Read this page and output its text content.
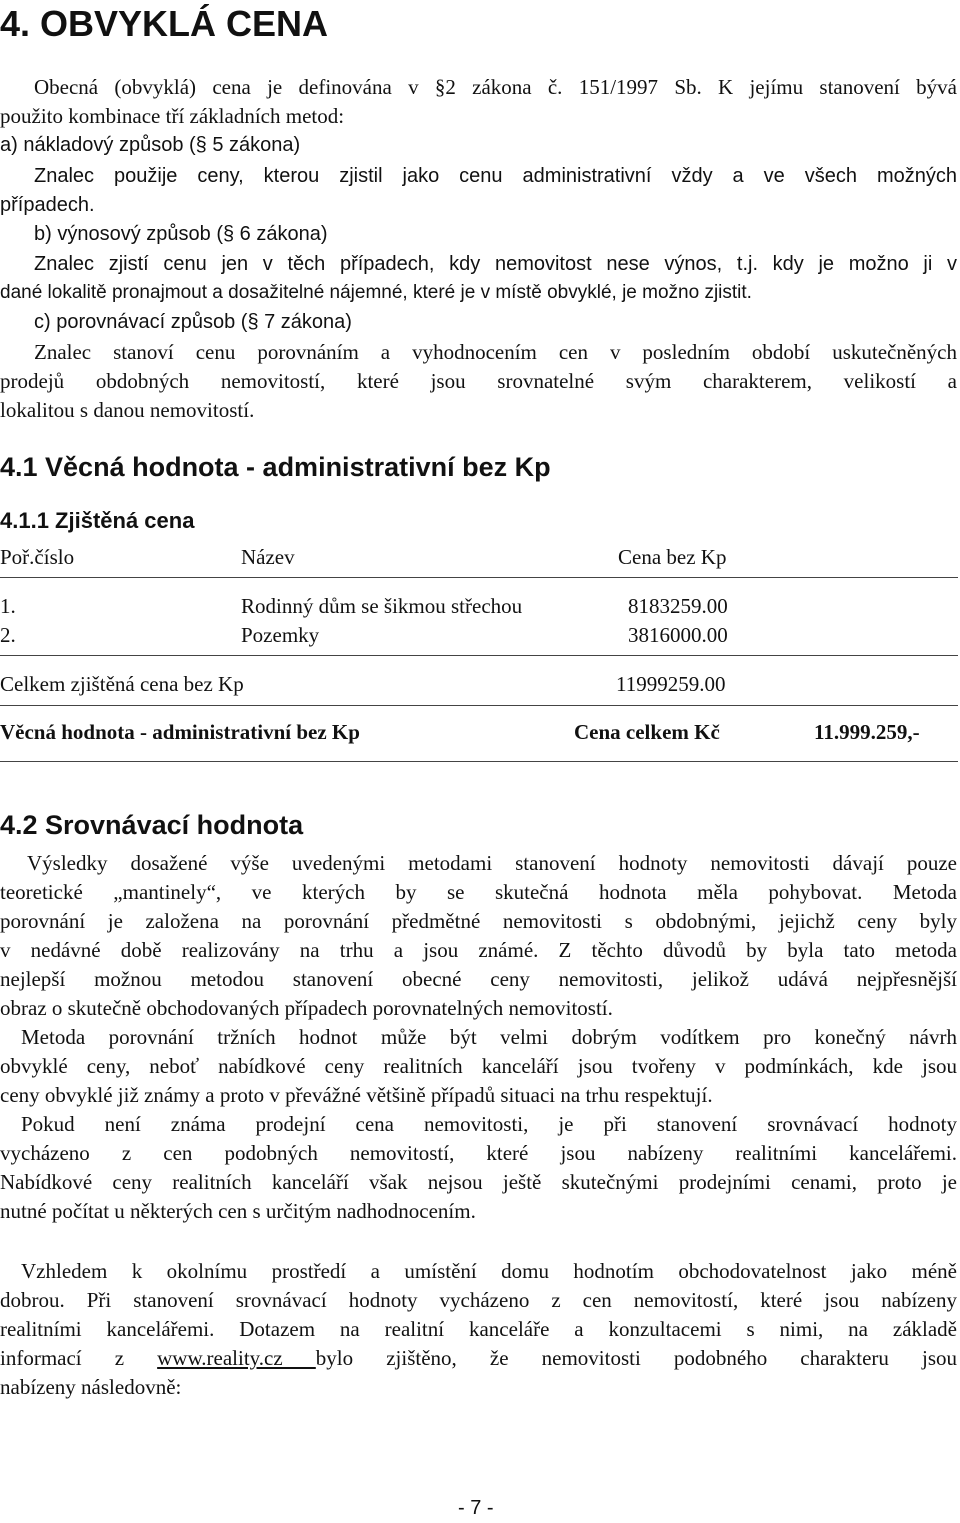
4. OBVYKLÁ CENA
Obecná (obvyklá) cena je definována v §2 zákona č. 151/1997 Sb. K jejímu stanovení bývá
použito kombinace tří základních metod:
a) nákladový způsob (§ 5 zákona)
Znalec použije ceny, kterou zjistil jako cenu administrativní vždy a ve všech možných
případech.
b) výnosový způsob (§ 6 zákona)
Znalec zjistí cenu jen v těch případech, kdy nemovitost nese výnos, t.j. kdy je možno ji v
dané lokalitě pronajmout a dosažitelné nájemné, které je v místě obvyklé, je možno zjistit.
c) porovnávací způsob (§ 7 zákona)
Znalec stanoví cenu porovnáním a vyhodnocením cen v posledním období uskutečněných
prodejů obdobných nemovitostí, které jsou srovnatelné svým charakterem, velikostí a
lokalitou s danou nemovitostí.
4.1 Věcná hodnota - administrativní bez Kp
4.1.1 Zjištěná cena
Poř.číslo	Název	Cena bez Kp
1.	Rodinný dům se šikmou střechou	8183259.00
2.	Pozemky	3816000.00
Celkem zjištěná cena bez Kp	11999259.00
Věcná hodnota - administrativní bez Kp	Cena celkem Kč	11.999.259,-
4.2 Srovnávací hodnota
Výsledky dosažené výše uvedenými metodami stanovení hodnoty nemovitosti dávají pouze
teoretické „mantinely“, ve kterých by se skutečná hodnota měla pohybovat. Metoda
porovnání je založena na porovnání předmětné nemovitosti s obdobnými, jejichž ceny byly
v nedávné době realizovány na trhu a jsou známé. Z těchto důvodů by byla tato metoda
nejlepší možnou metodou stanovení obecné ceny nemovitosti, jelikož udává nejpřesnější
obraz o skutečně obchodovaných případech porovnatelných nemovitostí.
Metoda porovnání tržních hodnot může být velmi dobrým vodítkem pro konečný návrh
obvyklé ceny, neboť nabídkové ceny realitních kanceláří jsou tvořeny v podmínkách, kde jsou
ceny obvyklé již známy a proto v převážné většině případů situaci na trhu respektují.
Pokud není známa prodejní cena nemovitosti, je při stanovení srovnávací hodnoty
vycházeno z cen podobných nemovitostí, které jsou nabízeny realitními kancelářemi.
Nabídkové ceny realitních kanceláří však nejsou ještě skutečnými prodejními cenami, proto je
nutné počítat u některých cen s určitým nadhodnocením.
Vzhledem k okolnímu prostředí a umístění domu hodnotím obchodovatelnost jako méně
dobrou. Při stanovení srovnávací hodnoty vycházeno z cen nemovitostí, které jsou nabízeny
realitními kancelářemi. Dotazem na realitní kanceláře a konzultacemi s nimi, na základě
informací z www.reality.cz bylo zjištěno, že nemovitosti podobného charakteru jsou
nabízeny následovně:
- 7 -
